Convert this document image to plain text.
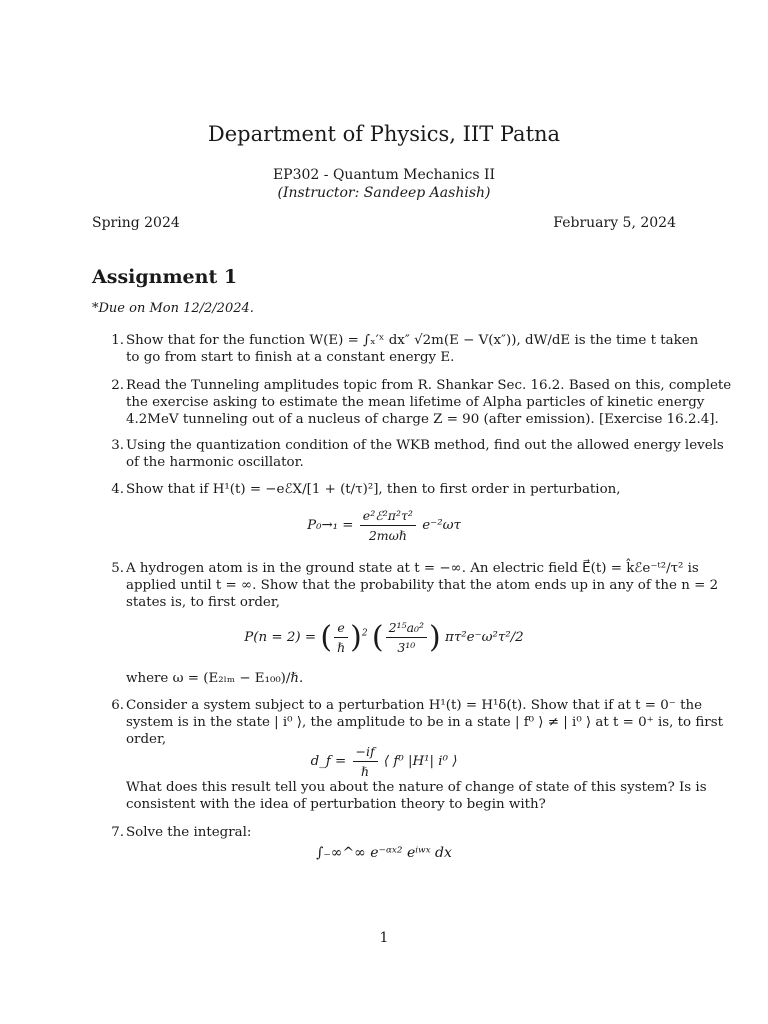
Department of Physics, IIT Patna
EP302 - Quantum Mechanics II
(Instructor: Sandeep Aashish)
Spring 2024	February 5, 2024
Assignment 1
*Due on Mon 12/2/2024.
1. Show that for the function W(E) = ∫ₓ′ˣ dx″ √2m(E − V(x″)), dW/dE is the time t taken
to go from start to finish at a constant energy E.
2. Read the Tunneling amplitudes topic from R. Shankar Sec. 16.2. Based on this, complete
the exercise asking to estimate the mean lifetime of Alpha particles of kinetic energy
4.2MeV tunneling out of a nucleus of charge Z = 90 (after emission). [Exercise 16.2.4].
3. Using the quantization condition of the WKB method, find out the allowed energy levels
of the harmonic oscillator.
4. Show that if H¹(t) = −eℰX/[1 + (t/τ)²], then to first order in perturbation,
$P_0\to_1 = \frac{\text{e²ℰ²π²τ²}}{\text{2mωℏ}} e^{-2}\omega\tau$
5. A hydrogen atom is in the ground state at t = −∞. An electric field E⃗(t) = k̂ℰe⁻ᵗ²/τ² is
applied until t = ∞. Show that the probability that the atom ends up in any of the n = 2
states is, to first order,
P(n = 2) = ( $\frac{e}{\text{ℏ}} )^2$ ( $\frac{\text{2¹⁵a₀²}}{\text{3¹⁰}}$ ) πτ²e⁻ω²τ²/2
where ω = (E₂ₗₘ − E₁₀₀)/ℏ.
6. Consider a system subject to a perturbation H¹(t) = H¹δ(t). Show that if at t = 0⁻ the
system is in the state | i⁰ ⟩, the amplitude to be in a state | f⁰ ⟩ ≠ | i⁰ ⟩ at t = 0⁺ is, to first
order,
d_f = $\frac{-if}{\text{ℏ}}$ ⟨ f⁰ |H¹| i⁰ ⟩
What does this result tell you about the nature of change of state of this system? Is is
consistent with the idea of perturbation theory to begin with?
7. Solve the integral:
∫₋∞^∞ e⁻ᵅˣ² eⁱʷˣ dx
1
